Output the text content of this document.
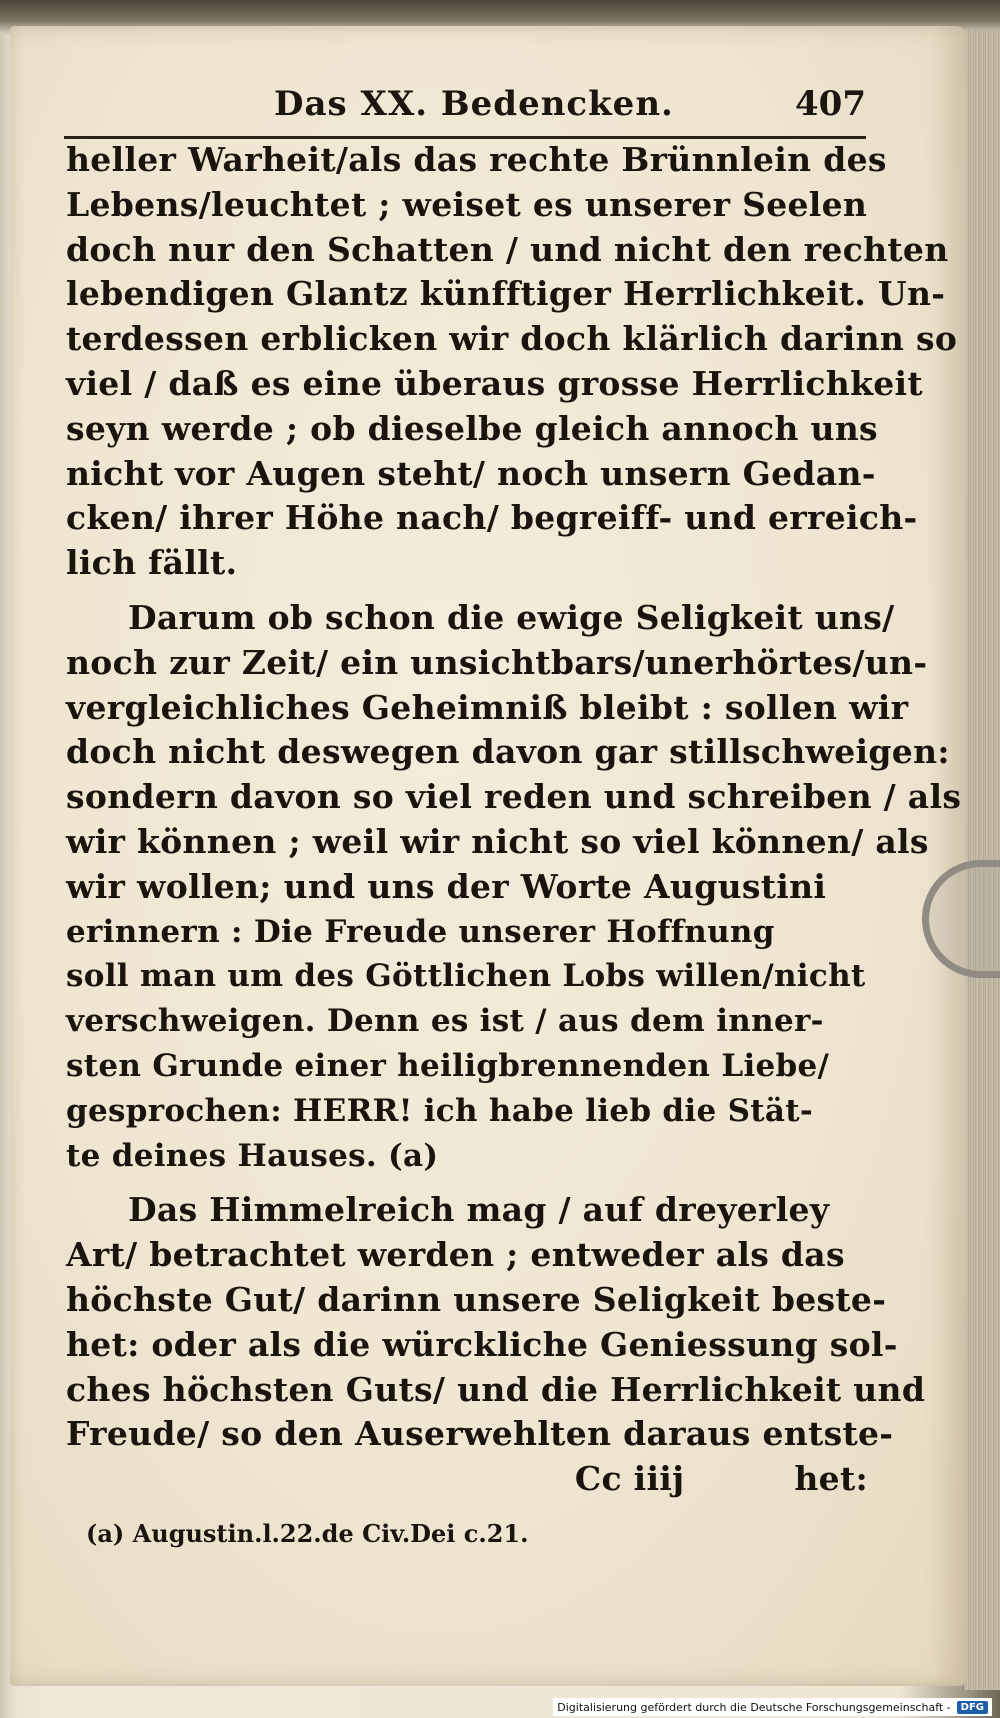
Das XX. Bedencken.	407
heller Warheit/als das rechte Brünnlein des
Lebens/leuchtet ; weiset es unserer Seelen
doch nur den Schatten / und nicht den rechten
lebendigen Glantz künfftiger Herrlichkeit. Un-
terdessen erblicken wir doch klärlich darinn so
viel / daß es eine überaus grosse Herrlichkeit
seyn werde ; ob dieselbe gleich annoch uns
nicht vor Augen steht/ noch unsern Gedan-
cken/ ihrer Höhe nach/ begreiff- und erreich-
lich fällt.
Darum ob schon die ewige Seligkeit uns/
noch zur Zeit/ ein unsichtbars/unerhörtes/un-
vergleichliches Geheimniß bleibt : sollen wir
doch nicht deswegen davon gar stillschweigen:
sondern davon so viel reden und schreiben / als
wir können ; weil wir nicht so viel können/ als
wir wollen; und uns der Worte Augustini
erinnern : Die Freude unserer Hoffnung
soll man um des Göttlichen Lobs willen/nicht
verschweigen. Denn es ist / aus dem inner-
sten Grunde einer heiligbrennenden Liebe/
gesprochen: HERR! ich habe lieb die Stät-
te deines Hauses. (a)
Das Himmelreich mag / auf dreyerley
Art/ betrachtet werden ; entweder als das
höchste Gut/ darinn unsere Seligkeit beste-
het: oder als die würckliche Geniessung sol-
ches höchsten Guts/ und die Herrlichkeit und
Freude/ so den Auserwehlten daraus entste-
Cc iiij	het:
(a) Augustin.l.22.de Civ.Dei c.21.
Digitalisierung gefördert durch die Deutsche Forschungsgemeinschaft -	DFG
